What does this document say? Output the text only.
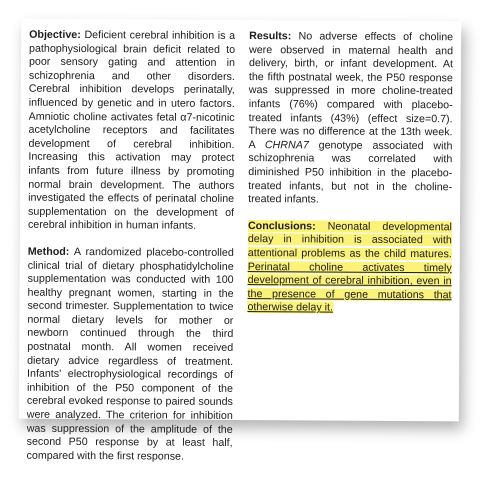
Objective: Deficient cerebral inhibition is a pathophysiological brain deficit related to poor sensory gating and attention in schizophrenia and other disorders. Cerebral inhibition develops perinatally, influenced by genetic and in utero factors. Amniotic choline activates fetal α7-nicotinic acetylcholine receptors and facilitates development of cerebral inhibition. Increasing this activation may protect infants from future illness by promoting normal brain development. The authors investigated the effects of perinatal choline supplementation on the development of cerebral inhibition in human infants.

Method: A randomized placebo-controlled clinical trial of dietary phosphatidylcholine supplementation was conducted with 100 healthy pregnant women, starting in the second trimester. Supplementation to twice normal dietary levels for mother or newborn continued through the third postnatal month. All women received dietary advice regardless of treatment. Infants' electrophysiological recordings of inhibition of the P50 component of the cerebral evoked response to paired sounds were analyzed. The criterion for inhibition was suppression of the amplitude of the second P50 response by at least half, compared with the first response.

Results: No adverse effects of choline were observed in maternal health and delivery, birth, or infant development. At the fifth postnatal week, the P50 response was suppressed in more choline-treated infants (76%) compared with placebo-treated infants (43%) (effect size=0.7). There was no difference at the 13th week. A CHRNA7 genotype associated with schizophrenia was correlated with diminished P50 inhibition in the placebo-treated infants, but not in the choline-treated infants.

Conclusions: Neonatal developmental delay in inhibition is associated with attentional problems as the child matures. Perinatal choline activates timely development of cerebral inhibition, even in the presence of gene mutations that otherwise delay it.
